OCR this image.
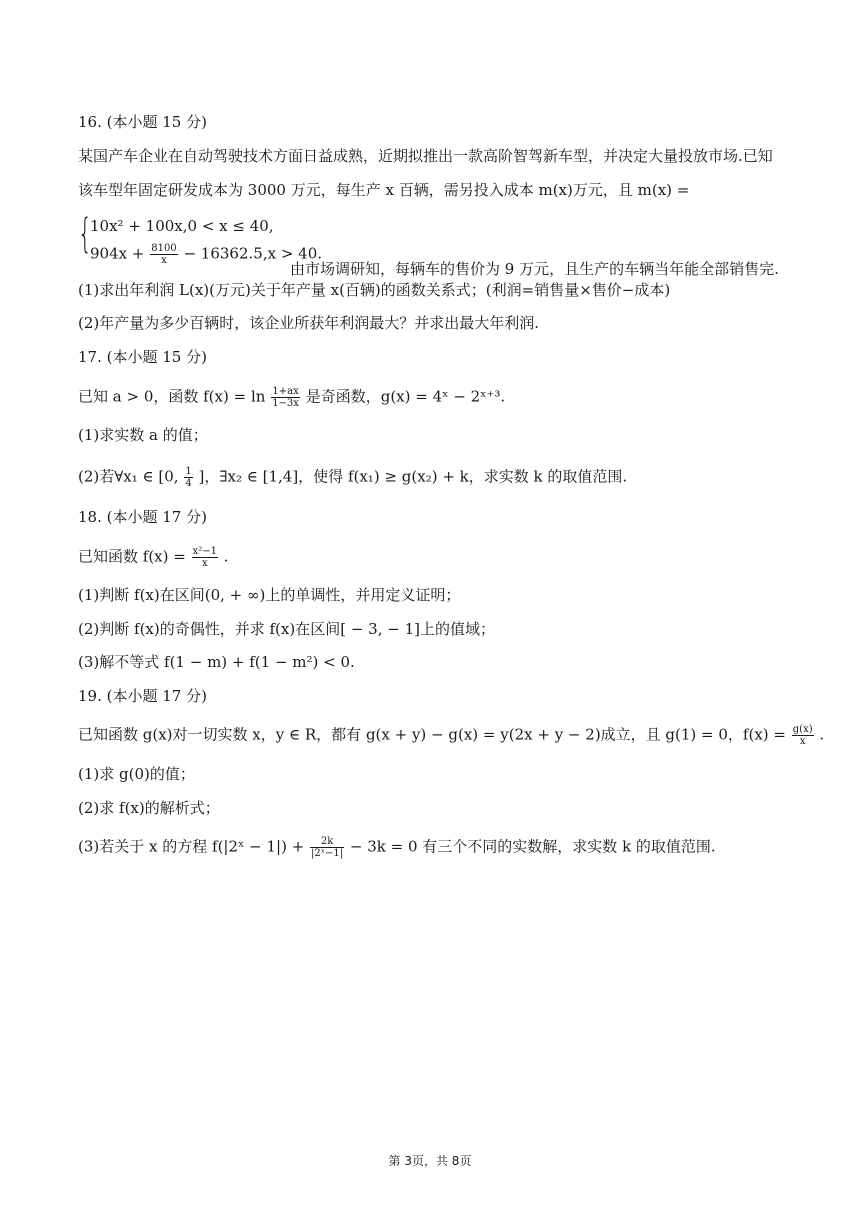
16. (本小题 15 分)
某国产车企业在自动驾驶技术方面日益成熟，近期拟推出一款高阶智驾新车型，并决定大量投放市场.已知
该车型年固定研发成本为 3000 万元，每生产 x 百辆，需另投入成本 m(x)万元，且 m(x) =
{
10x² + 100x,0 < x ≤ 40,
$904x + \frac{8100}{x} - 16362.5,x > 40$.
由市场调研知，每辆车的售价为 9 万元，且生产的车辆当年能全部销售完.
(1)求出年利润 L(x)(万元)关于年产量 x(百辆)的函数关系式；(利润=销售量×售价−成本)
(2)年产量为多少百辆时，该企业所获年利润最大？并求出最大年利润.
17. (本小题 15 分)
已知 a > 0，函数 $f(x) = \ln \frac{1+ax}{1-3x}$ 是奇函数，g(x) = 4ˣ − 2ˣ⁺³.
(1)求实数 a 的值；
(2)若∀x₁ ∈ [0, $\frac{1}{4}$ ]，∃x₂ ∈ [1,4]，使得 f(x₁) ≥ g(x₂) + k，求实数 k 的取值范围.
18. (本小题 17 分)
已知函数 $f(x) = \frac{\text{x²−1}}{x}$ .
(1)判断 f(x)在区间(0, + ∞)上的单调性，并用定义证明；
(2)判断 f(x)的奇偶性，并求 f(x)在区间[ − 3, − 1]上的值域；
(3)解不等式 f(1 − m) + f(1 − m²) < 0.
19. (本小题 17 分)
已知函数 g(x)对一切实数 x，y ∈ R，都有 g(x + y) − g(x) = y(2x + y − 2)成立，且 g(1) = 0，$f(x) = \frac{g(x)}{x}$ .
(1)求 g(0)的值；
(2)求 f(x)的解析式；
(3)若关于 x 的方程 f(|2ˣ − $1|) + \frac{2k}{\text{|2ˣ−1|}} - 3k = 0$ 有三个不同的实数解，求实数 k 的取值范围.
第 3页，共 8页
